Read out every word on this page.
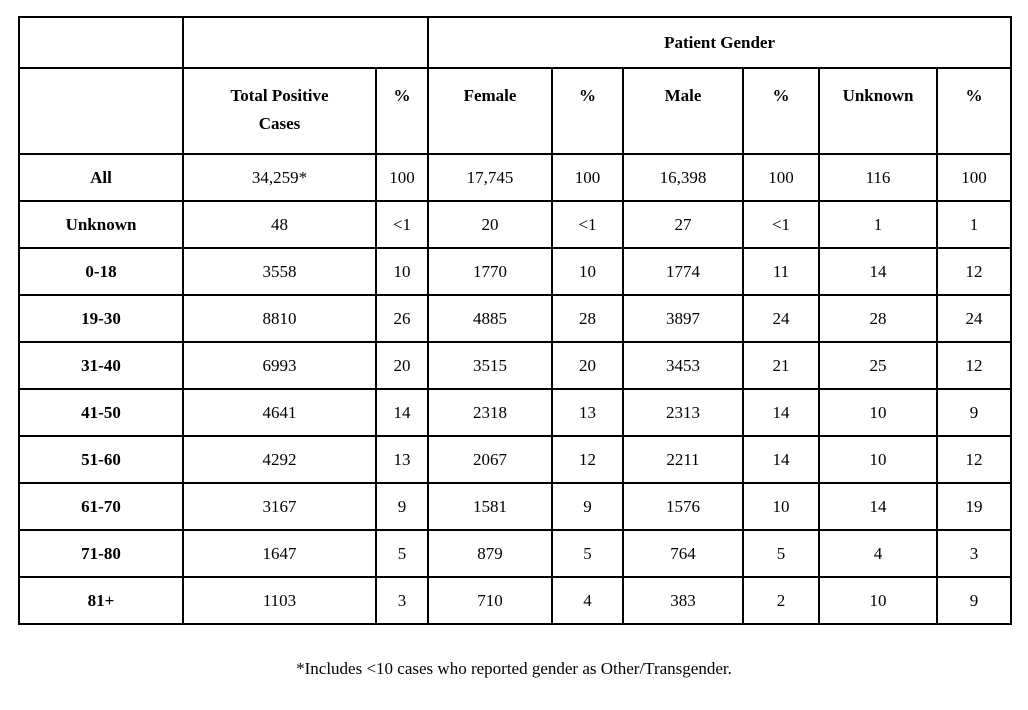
			Patient Gender					
	Total Positive Cases	%	Female	%	Male	%	Unknown	%
All	34,259*	100	17,745	100	16,398	100	116	100
Unknown	48	<1	20	<1	27	<1	1	1
0-18	3558	10	1770	10	1774	11	14	12
19-30	8810	26	4885	28	3897	24	28	24
31-40	6993	20	3515	20	3453	21	25	12
41-50	4641	14	2318	13	2313	14	10	9
51-60	4292	13	2067	12	2211	14	10	12
61-70	3167	9	1581	9	1576	10	14	19
71-80	1647	5	879	5	764	5	4	3
81+	1103	3	710	4	383	2	10	9
*Includes <10 cases who reported gender as Other/Transgender.
